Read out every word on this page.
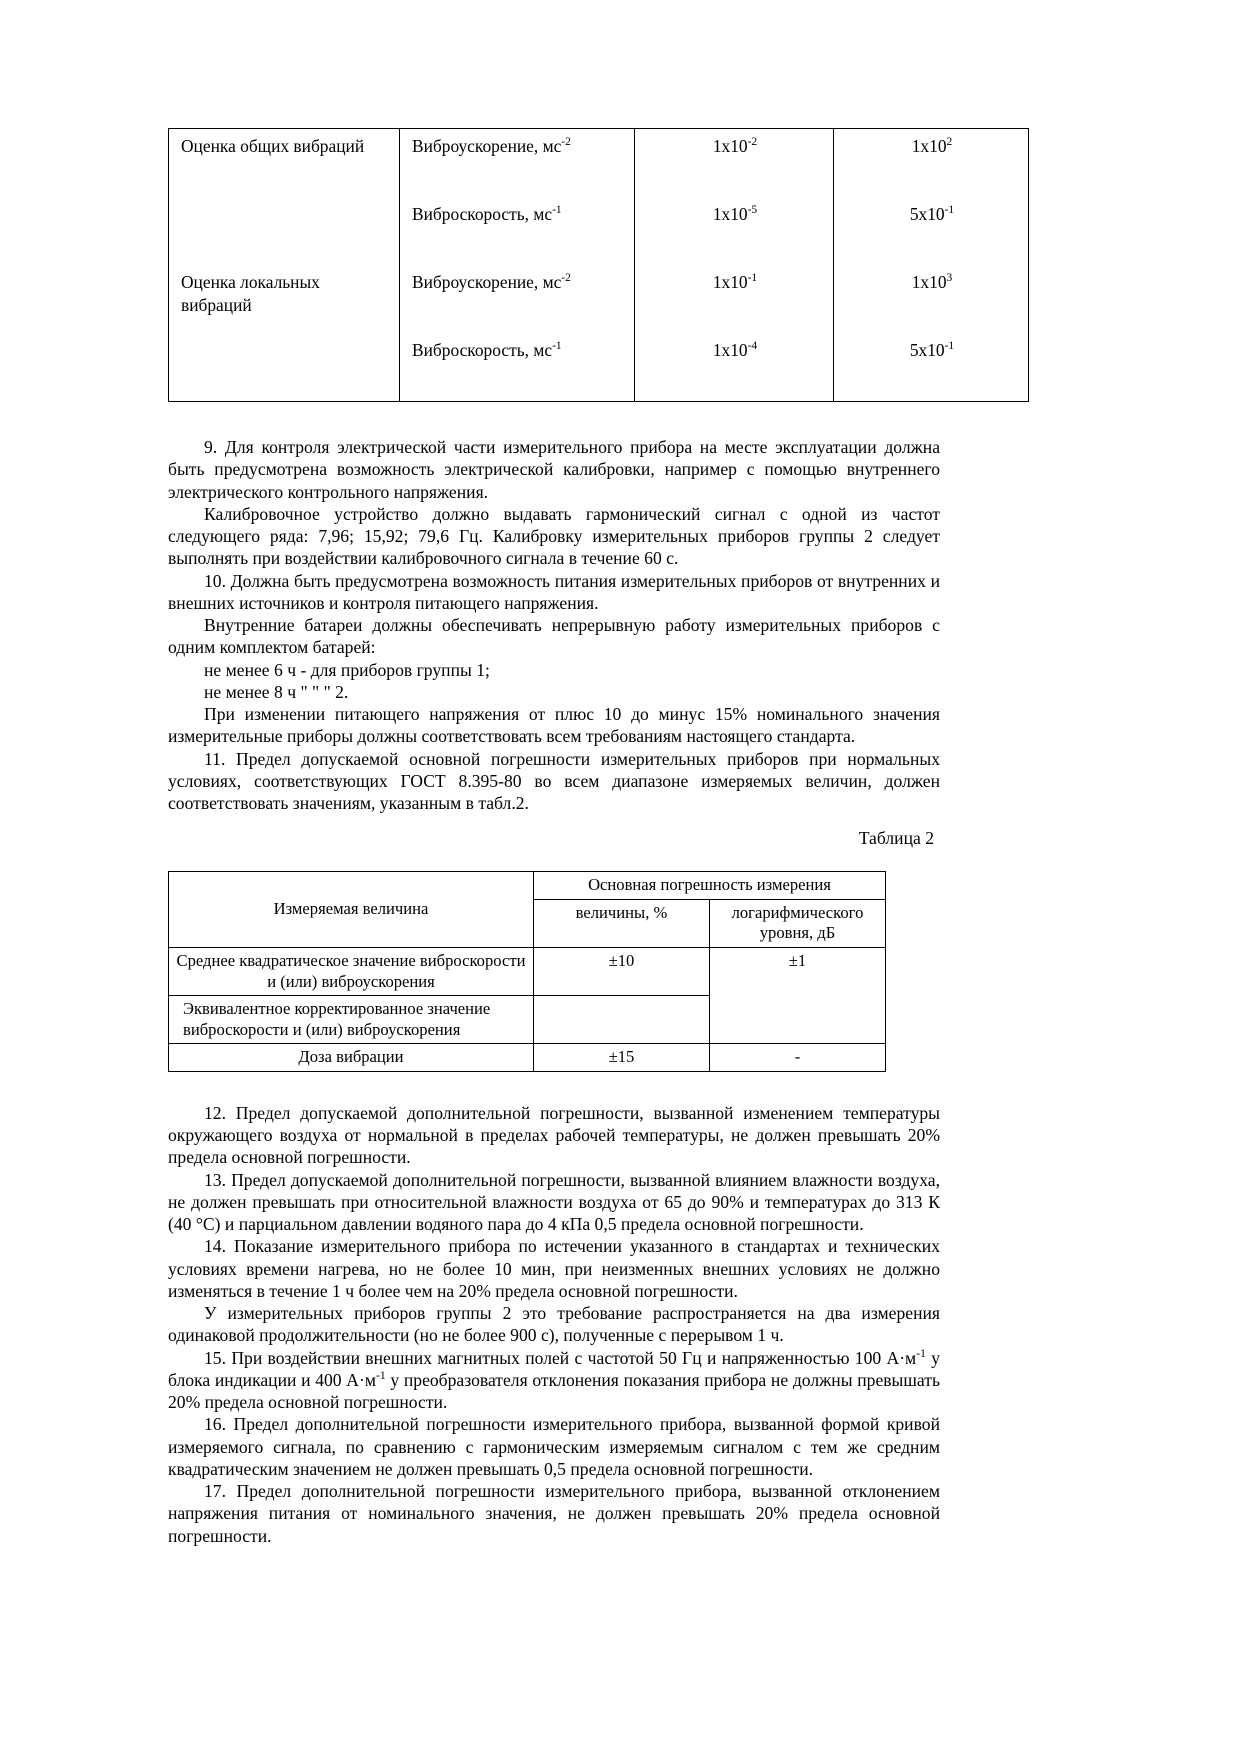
Оценка общих вибраций	Виброускорение, $мс^{-2}$	$1x10^{-2}$	$1x10^2$
	Виброскорость, $мс^{-1}$	$1x10^{-5}$	$5x10^{-1}$
Оценка локальных вибраций	Виброускорение, $мс^{-2}$	$1x10^{-1}$	$1x10^3$
	Виброскорость, $мс^{-1}$	$1x10^{-4}$	$5x10^{-1}$

9. Для контроля электрической части измерительного прибора на месте эксплуатации должна быть предусмотрена возможность электрической калибровки, например с помощью внутреннего электрического контрольного напряжения.

Калибровочное устройство должно выдавать гармонический сигнал с одной из частот следующего ряда: 7,96; 15,92; 79,6 Гц. Калибровку измерительных приборов группы 2 следует выполнять при воздействии калибровочного сигнала в течение 60 с.

10. Должна быть предусмотрена возможность питания измерительных приборов от внутренних и внешних источников и контроля питающего напряжения.

Внутренние батареи должны обеспечивать непрерывную работу измерительных приборов с одним комплектом батарей:

не менее 6 ч - для приборов группы 1;

не менее 8 ч " " " 2.

При изменении питающего напряжения от плюс 10 до минус 15% номинального значения измерительные приборы должны соответствовать всем требованиям настоящего стандарта.

11. Предел допускаемой основной погрешности измерительных приборов при нормальных условиях, соответствующих ГОСТ 8.395-80 во всем диапазоне измеряемых величин, должен соответствовать значениям, указанным в табл.2.

Таблица 2

Измеряемая величина	Основная погрешность измерения	
	величины, %	логарифмического
уровня, дБ

Среднее квадратическое значение виброскорости и (или) виброускорения	±10	±1
Эквивалентное корректированное значение виброскорости и (или) виброускорения		
Доза вибрации	±15	-

12. Предел допускаемой дополнительной погрешности, вызванной изменением температуры окружающего воздуха от нормальной в пределах рабочей температуры, не должен превышать 20% предела основной погрешности.

13. Предел допускаемой дополнительной погрешности, вызванной влиянием влажности воздуха, не должен превышать при относительной влажности воздуха от 65 до 90% и температурах до 313 К (40 °С) и парциальном давлении водяного пара до 4 кПа 0,5 предела основной погрешности.

14. Показание измерительного прибора по истечении указанного в стандартах и технических условиях времени нагрева, но не более 10 мин, при неизменных внешних условиях не должно изменяться в течение 1 ч более чем на 20% предела основной погрешности.

У измерительных приборов группы 2 это требование распространяется на два измерения одинаковой продолжительности (но не более 900 с), полученные с перерывом 1 ч.

15. При воздействии внешних магнитных полей с частотой 50 Гц и напряженностью 100 $А\cdot м^{-1}$ у блока индикации и 400 $А\cdot м^{-1}$ у преобразователя отклонения показания прибора не должны превышать 20% предела основной погрешности.

16. Предел дополнительной погрешности измерительного прибора, вызванной формой кривой измеряемого сигнала, по сравнению с гармоническим измеряемым сигналом с тем же средним квадратическим значением не должен превышать 0,5 предела основной погрешности.

17. Предел дополнительной погрешности измерительного прибора, вызванной отклонением напряжения питания от номинального значения, не должен превышать 20% предела основной погрешности.
